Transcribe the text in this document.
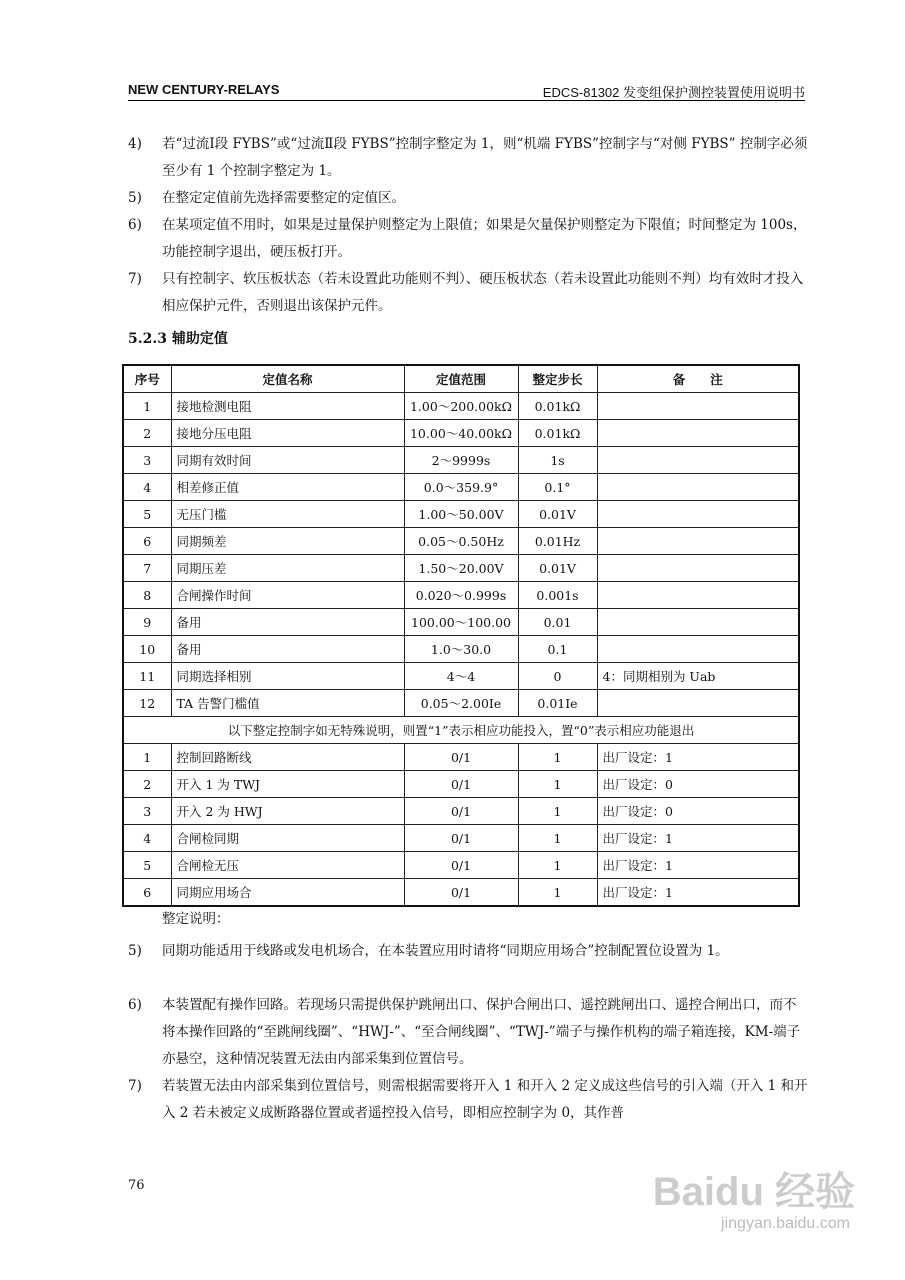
NEW CENTURY-RELAYS	EDCS-81302 发变组保护测控装置使用说明书
4) 若“过流Ⅰ段 FYBS”或“过流Ⅱ段 FYBS”控制字整定为 1，则“机端 FYBS”控制字与“对侧 FYBS” 控制字必须至少有 1 个控制字整定为 1。
5) 在整定定值前先选择需要整定的定值区。
6) 在某项定值不用时，如果是过量保护则整定为上限值；如果是欠量保护则整定为下限值；时间整定为 100s，功能控制字退出，硬压板打开。
7) 只有控制字、软压板状态（若未设置此功能则不判）、硬压板状态（若未设置此功能则不判）均有效时才投入相应保护元件，否则退出该保护元件。
5.2.3 辅助定值
序号	定值名称	定值范围	整定步长	备　　注
1	接地检测电阻	1.00～200.00kΩ	0.01kΩ	
2	接地分压电阻	10.00～40.00kΩ	0.01kΩ	
3	同期有效时间	2～9999s	1s	
4	相差修正值	0.0～359.9°	0.1°	
5	无压门槛	1.00～50.00V	0.01V	
6	同期频差	0.05～0.50Hz	0.01Hz	
7	同期压差	1.50～20.00V	0.01V	
8	合闸操作时间	0.020～0.999s	0.001s	
9	备用	100.00～100.00	0.01	
10	备用	1.0～30.0	0.1	
11	同期选择相别	4～4	0	4：同期相别为 Uab
12	TA 告警门槛值	0.05～2.00Ie	0.01Ie	
以下整定控制字如无特殊说明，则置“1”表示相应功能投入，置“0”表示相应功能退出				
1	控制回路断线	0/1	1	出厂设定：1
2	开入 1 为 TWJ	0/1	1	出厂设定：0
3	开入 2 为 HWJ	0/1	1	出厂设定：0
4	合闸检同期	0/1	1	出厂设定：1
5	合闸检无压	0/1	1	出厂设定：1
6	同期应用场合	0/1	1	出厂设定：1
整定说明：
5) 同期功能适用于线路或发电机场合，在本装置应用时请将“同期应用场合”控制配置位设置为 1。
6) 本装置配有操作回路。若现场只需提供保护跳闸出口、保护合闸出口、遥控跳闸出口、遥控合闸出口，而不将本操作回路的“至跳闸线圈”、“HWJ-”、“至合闸线圈”、“TWJ-”端子与操作机构的端子箱连接，KM-端子亦悬空，这种情况装置无法由内部采集到位置信号。
7) 若装置无法由内部采集到位置信号，则需根据需要将开入 1 和开入 2 定义成这些信号的引入端（开入 1 和开入 2 若未被定义成断路器位置或者遥控投入信号，即相应控制字为 0，其作普
76	Baidu 经验
jingyan.baidu.com
